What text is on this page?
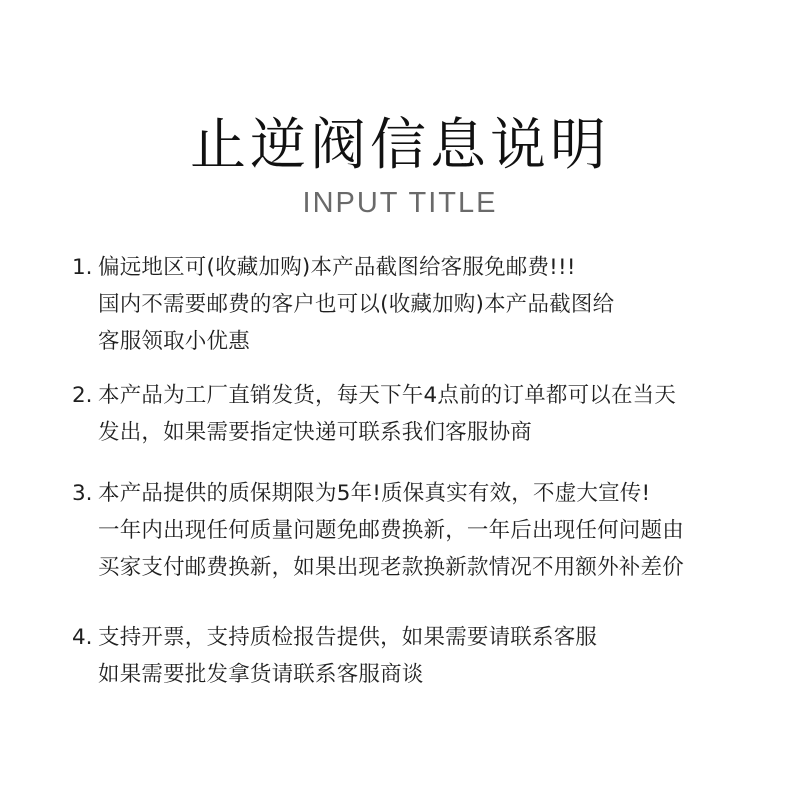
止逆阀信息说明
INPUT TITLE
1. 偏远地区可(收藏加购)本产品截图给客服免邮费!!!
国内不需要邮费的客户也可以(收藏加购)本产品截图给
客服领取小优惠
2. 本产品为工厂直销发货，每天下午4点前的订单都可以在当天
发出，如果需要指定快递可联系我们客服协商
3. 本产品提供的质保期限为5年!质保真实有效，不虚大宣传!
一年内出现任何质量问题免邮费换新，一年后出现任何问题由
买家支付邮费换新，如果出现老款换新款情况不用额外补差价
4. 支持开票，支持质检报告提供，如果需要请联系客服
如果需要批发拿货请联系客服商谈
